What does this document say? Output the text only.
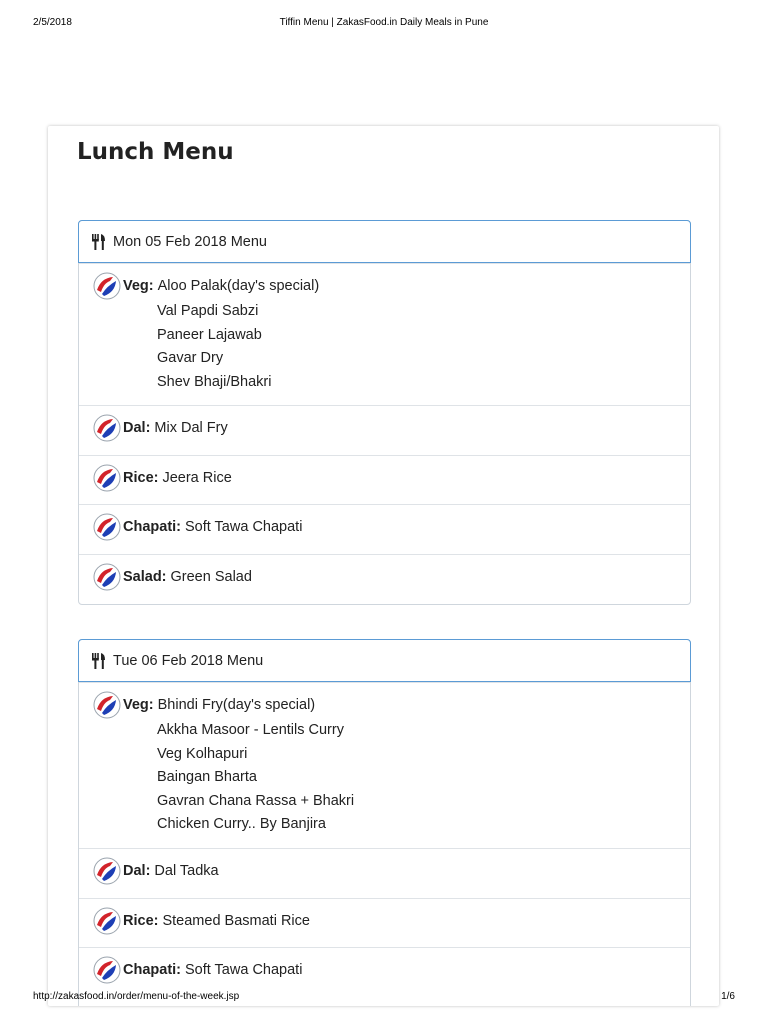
2/5/2018	Tiffin Menu | ZakasFood.in Daily Meals in Pune
Lunch Menu
Mon 05 Feb 2018 Menu
Veg: Aloo Palak(day's special)
Val Papdi Sabzi
Paneer Lajawab
Gavar Dry
Shev Bhaji/Bhakri
Dal: Mix Dal Fry
Rice: Jeera Rice
Chapati: Soft Tawa Chapati
Salad: Green Salad
Tue 06 Feb 2018 Menu
Veg: Bhindi Fry(day's special)
Akkha Masoor - Lentils Curry
Veg Kolhapuri
Baingan Bharta
Gavran Chana Rassa + Bhakri
Chicken Curry.. By Banjira
Dal: Dal Tadka
Rice: Steamed Basmati Rice
Chapati: Soft Tawa Chapati
http://zakasfood.in/order/menu-of-the-week.jsp	1/6
